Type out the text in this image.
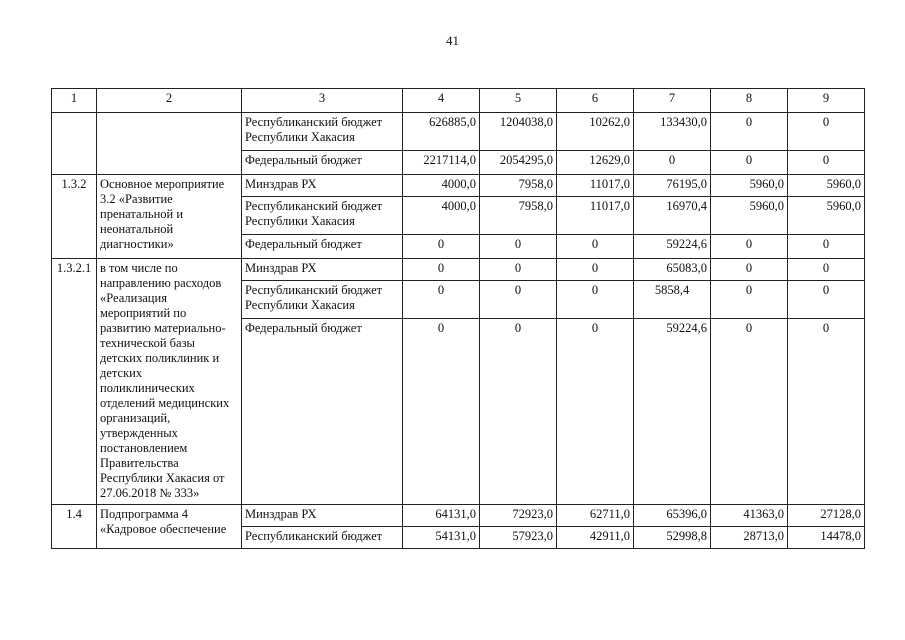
41
1	2	3	4	5	6	7	8	9
		Республиканский бюджет Республики Хакасия	626885,0	1204038,0	10262,0	133430,0	0	0
		Федеральный бюджет	2217114,0	2054295,0	12629,0	0	0	0
1.3.2	Основное мероприятие 3.2 «Развитие пренатальной и неонатальной диагностики»	Минздрав РХ	4000,0	7958,0	11017,0	76195,0	5960,0	5960,0
		Республиканский бюджет Республики Хакасия	4000,0	7958,0	11017,0	16970,4	5960,0	5960,0
		Федеральный бюджет	0	0	0	59224,6	0	0
1.3.2.1	в том числе по направлению расходов «Реализация мероприятий по развитию материально-технической базы детских поликлиник и детских поликлинических отделений медицинских организаций, утвержденных постановлением Правительства Республики Хакасия от 27.06.2018 № 333»	Минздрав РХ	0	0	0	65083,0	0	0
		Республиканский бюджет Республики Хакасия	0	0	0	5858,4	0	0
		Федеральный бюджет	0	0	0	59224,6	0	0
1.4	Подпрограмма 4 «Кадровое обеспечение	Минздрав РХ	64131,0	72923,0	62711,0	65396,0	41363,0	27128,0
		Республиканский бюджет	54131,0	57923,0	42911,0	52998,8	28713,0	14478,0
